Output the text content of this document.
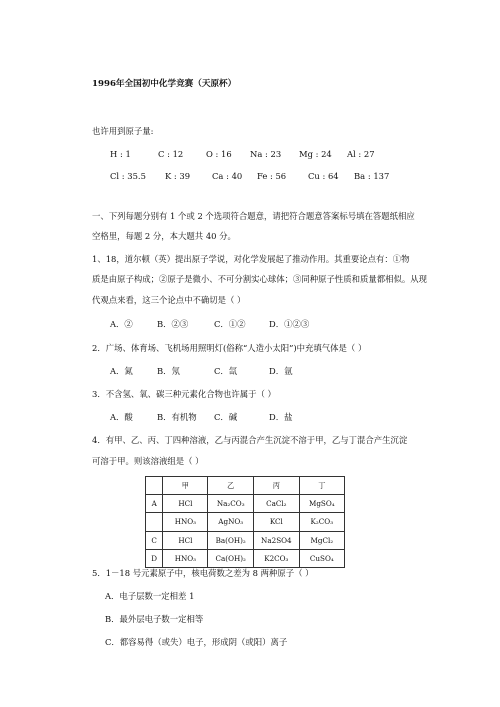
1996年全国初中化学竞赛（天原杯）
也许用到原子量:
H : 1	C : 12	O : 16 Na : 23 Mg : 24 Al : 27
Cl : 35.5 K : 39	Ca : 40 Fe : 56	Cu : 64 Ba : 137
一、下列每题分别有 1 个或 2 个选项符合题意，请把符合题意答案标号填在答题纸相应
空格里，每题 2 分，本大题共 40 分。
1、18，道尔顿（英）提出原子学说，对化学发展起了推动作用。其重要论点有：①物
质是由原子构成；②原子是微小、不可分割实心球体；③同种原子性质和质量都相似。从现
代观点来看，这三个论点中不确切是（ ）
A．②	B．②③	C．①②	D．①②③
2．广场、体育场、飞机场用照明灯(俗称“人造小太阳”)中充填气体是（ ）
A．氮	B．氖	C．氙	D．氩
3．不含氢、氧、碳三种元素化合物也许属于（ ）
A．酸	B．有机物 C．碱	D．盐
4．有甲、乙、丙、丁四种溶液，乙与丙混合产生沉淀不溶于甲，乙与丁混合产生沉淀
可溶于甲。则该溶液组是（ ）
	甲	乙	丙	丁
A	HCl	Na₂CO₃	CaCl₂	MgSO₄
	HNO₃	AgNO₃	KCl	K₂CO₃
C	HCl	Ba(OH)₂	Na2SO4	MgCl₂
D	HNO₃	Ca(OH)₂	K2CO₃	CuSO₄
5．1－18 号元素原子中，核电荷数之差为 8 两种原子（ ）
A．电子层数一定相差 1
B．最外层电子数一定相等
C．都容易得（或失）电子，形成阴（或阳）离子
